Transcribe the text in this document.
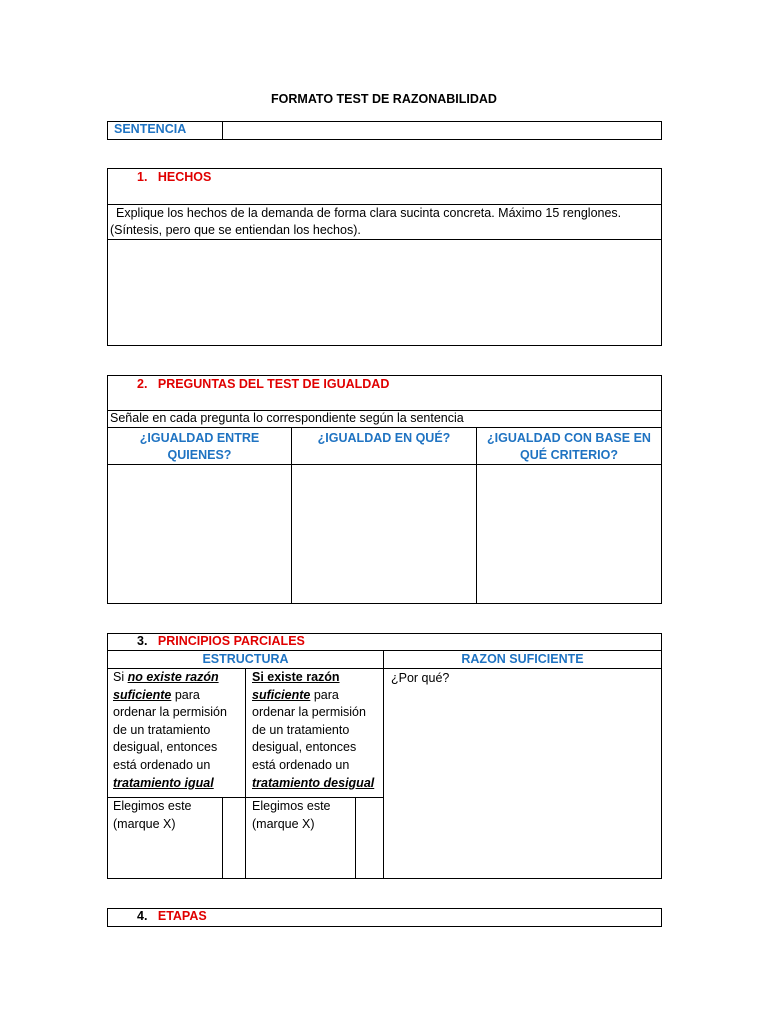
FORMATO TEST DE RAZONABILIDAD
SENTENCIA
1. HECHOS
Explique los hechos de la demanda de forma clara sucinta concreta. Máximo 15 renglones.
(Síntesis, pero que se entiendan los hechos).
2. PREGUNTAS DEL TEST DE IGUALDAD
Señale en cada pregunta lo correspondiente según la sentencia
¿IGUALDAD ENTRE QUIENES?
¿IGUALDAD EN QUÉ?	¿IGUALDAD CON BASE EN
QUÉ CRITERIO?
3. PRINCIPIOS PARCIALES
ESTRUCTURA	RAZON SUFICIENTE
Si no existe razón
suficiente para
ordenar la permisión
de un tratamiento
desigual, entonces
está ordenado un
tratamiento igual
Si existe razón
suficiente para
ordenar la permisión
de un tratamiento
desigual, entonces
está ordenado un
tratamiento desigual
¿Por qué?
Elegimos este
(marque X)
Elegimos este
(marque X)
4. ETAPAS
